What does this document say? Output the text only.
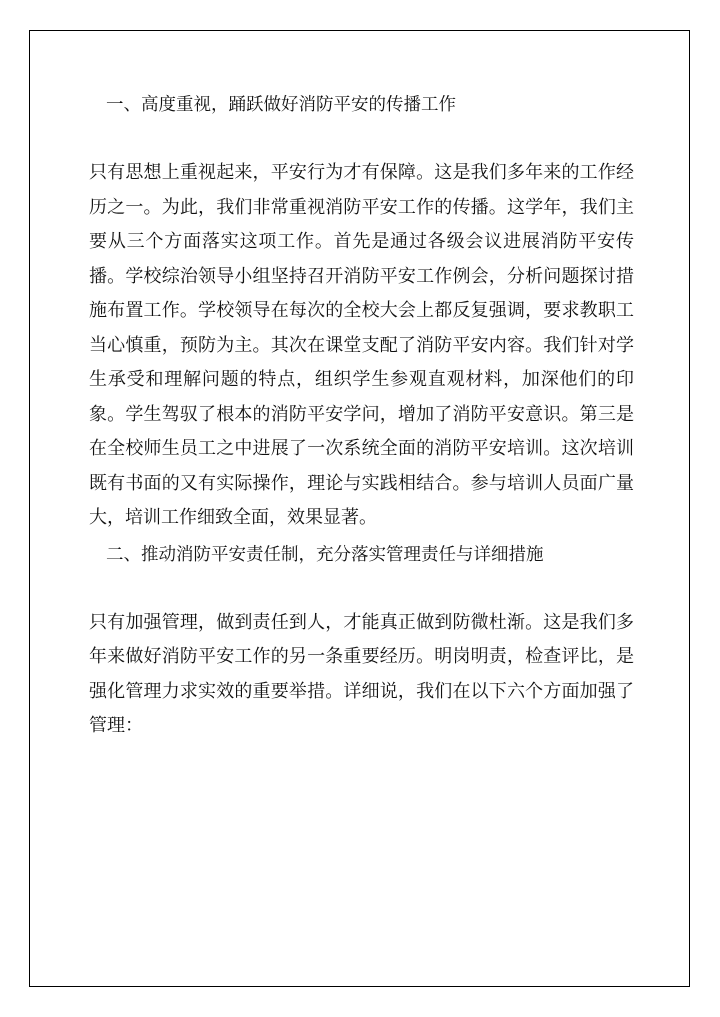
一、高度重视，踊跃做好消防平安的传播工作

只有思想上重视起来，平安行为才有保障。这是我们多年来的工作经历之一。为此，我们非常重视消防平安工作的传播。这学年，我们主要从三个方面落实这项工作。首先是通过各级会议进展消防平安传播。学校综治领导小组坚持召开消防平安工作例会，分析问题探讨措施布置工作。学校领导在每次的全校大会上都反复强调，要求教职工当心慎重，预防为主。其次在课堂支配了消防平安内容。我们针对学生承受和理解问题的特点，组织学生参观直观材料，加深他们的印象。学生驾驭了根本的消防平安学问，增加了消防平安意识。第三是在全校师生员工之中进展了一次系统全面的消防平安培训。这次培训既有书面的又有实际操作，理论与实践相结合。参与培训人员面广量大，培训工作细致全面，效果显著。

二、推动消防平安责任制，充分落实管理责任与详细措施

只有加强管理，做到责任到人，才能真正做到防微杜渐。这是我们多年来做好消防平安工作的另一条重要经历。明岗明责，检查评比，是强化管理力求实效的重要举措。详细说，我们在以下六个方面加强了管理：
